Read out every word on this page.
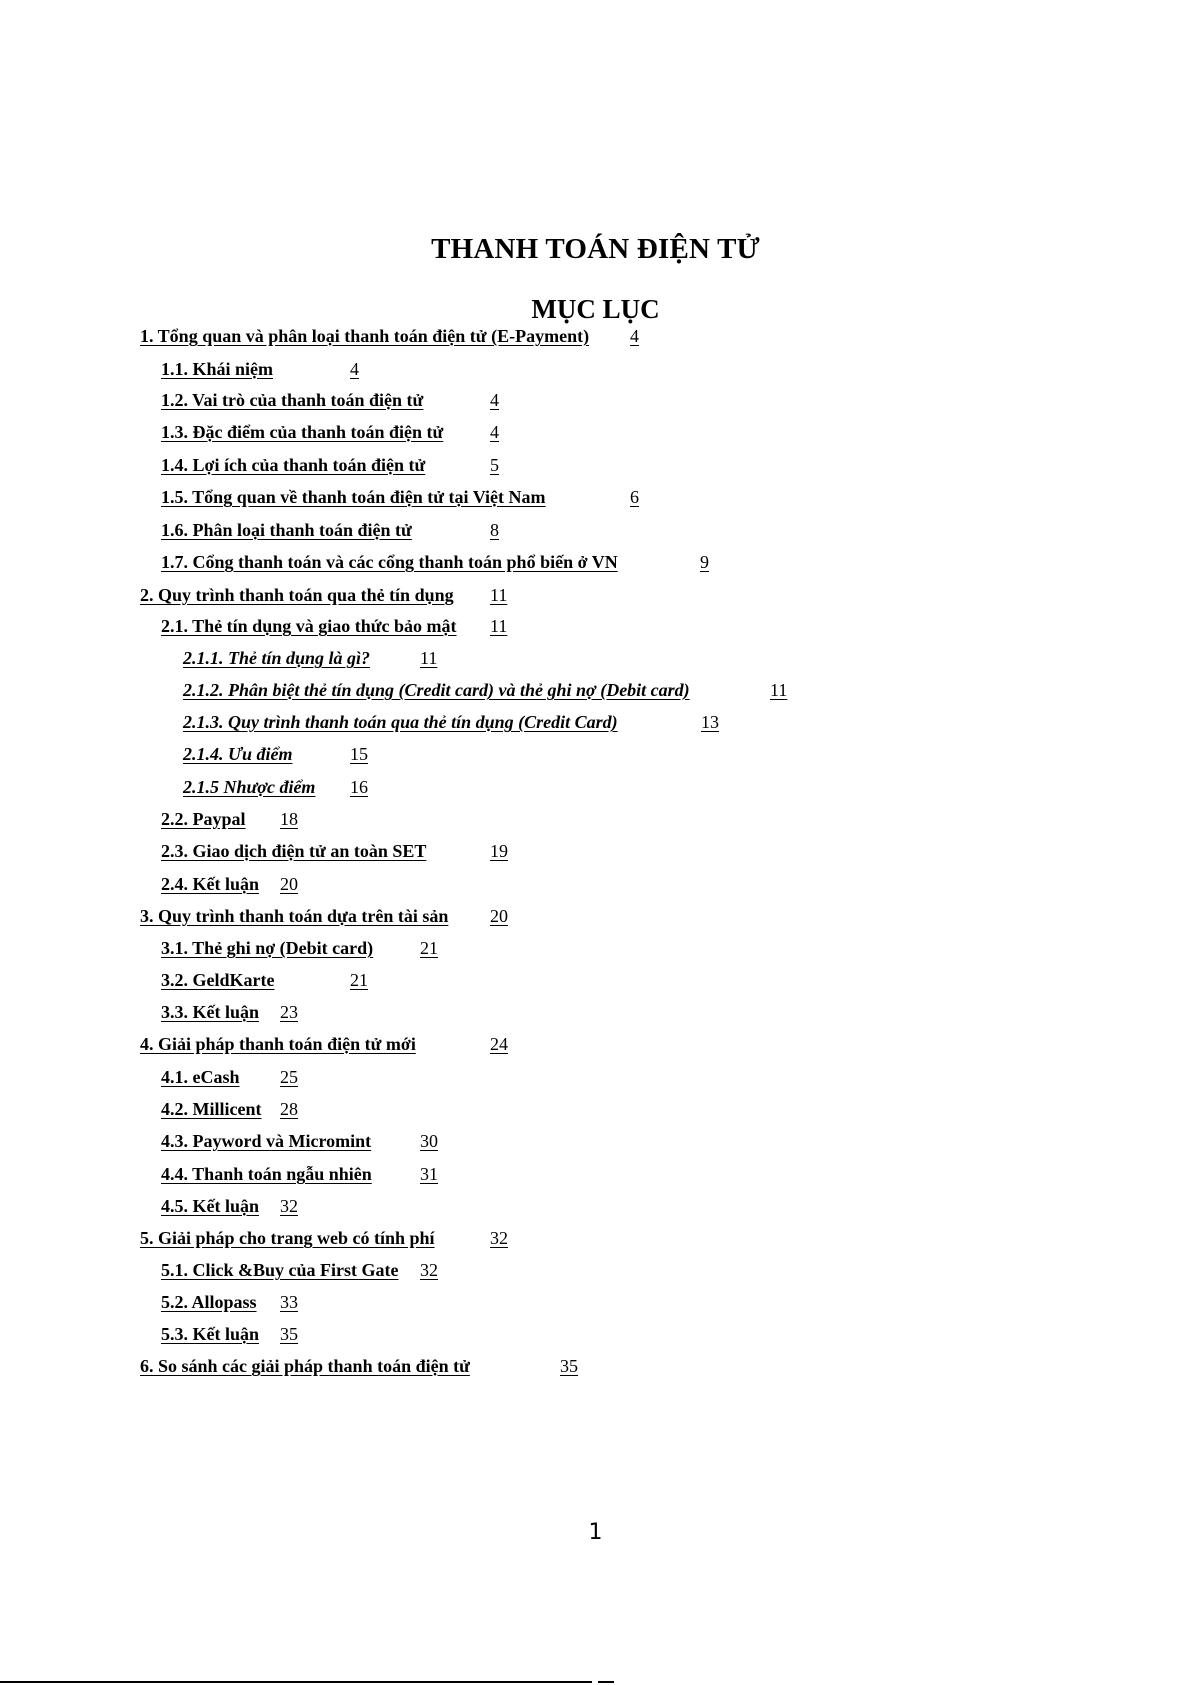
THANH TOÁN ĐIỆN TỬ
MỤC LỤC
1. Tổng quan và phân loại thanh toán điện tử (E-Payment) 4
1.1. Khái niệm	4
1.2. Vai trò của thanh toán điện tử	4
1.3. Đặc điểm của thanh toán điện tử	4
1.4. Lợi ích của thanh toán điện tử	5
1.5. Tổng quan về thanh toán điện tử tại Việt Nam	6
1.6. Phân loại thanh toán điện tử	8
1.7. Cổng thanh toán và các cổng thanh toán phổ biến ở VN	9
2. Quy trình thanh toán qua thẻ tín dụng 11
2.1. Thẻ tín dụng và giao thức bảo mật 11
2.1.1. Thẻ tín dụng là gì?	11
2.1.2. Phân biệt thẻ tín dụng (Credit card) và thẻ ghi nợ (Debit card)	11
2.1.3. Quy trình thanh toán qua thẻ tín dụng (Credit Card)	13
2.1.4. Ưu điểm	15
2.1.5 Nhược điểm 16
2.2. Paypal 18
2.3. Giao dịch điện tử an toàn SET	19
2.4. Kết luận 20
3. Quy trình thanh toán dựa trên tài sản 20
3.1. Thẻ ghi nợ (Debit card)	21
3.2. GeldKarte	21
3.3. Kết luận 23
4. Giải pháp thanh toán điện tử mới	24
4.1. eCash 25
4.2. Millicent 28
4.3. Payword và Micromint	30
4.4. Thanh toán ngẫu nhiên	31
4.5. Kết luận 32
5. Giải pháp cho trang web có tính phí	32
5.1. Click &Buy của First Gate 32
5.2. Allopass 33
5.3. Kết luận 35
6. So sánh các giải pháp thanh toán điện tử	35
1
